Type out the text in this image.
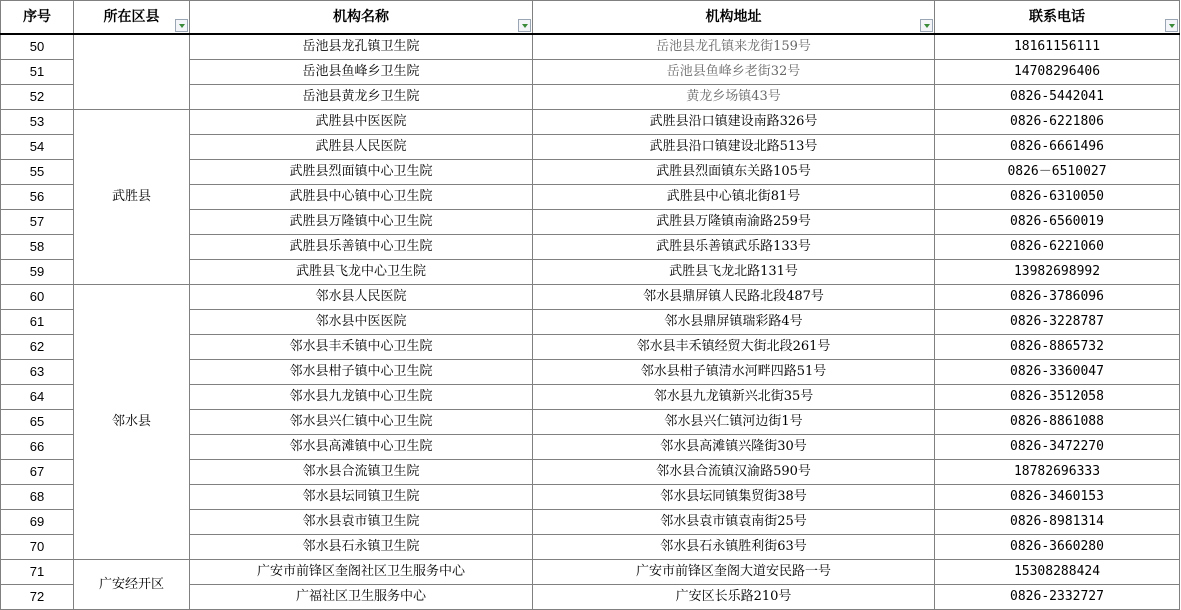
序号	所在区县	机构名称	机构地址	联系电话

50		岳池县龙孔镇卫生院	岳池县龙孔镇来龙街159号	18161156111
51		岳池县鱼峰乡卫生院	岳池县鱼峰乡老街32号	14708296406
52		岳池县黄龙乡卫生院	黄龙乡场镇43号	0826-5442041
53	武胜县	武胜县中医医院	武胜县沿口镇建设南路326号	0826-6221806
54		武胜县人民医院	武胜县沿口镇建设北路513号	0826-6661496
55		武胜县烈面镇中心卫生院	武胜县烈面镇东关路105号	0826－6510027
56		武胜县中心镇中心卫生院	武胜县中心镇北街81号	0826-6310050
57		武胜县万隆镇中心卫生院	武胜县万隆镇南渝路259号	0826-6560019
58		武胜县乐善镇中心卫生院	武胜县乐善镇武乐路133号	0826-6221060
59		武胜县飞龙中心卫生院	武胜县飞龙北路131号	13982698992
60	邻水县	邻水县人民医院	邻水县鼎屏镇人民路北段487号	0826-3786096
61		邻水县中医医院	邻水县鼎屏镇瑞彩路4号	0826-3228787
62		邻水县丰禾镇中心卫生院	邻水县丰禾镇经贸大街北段261号	0826-8865732
63		邻水县柑子镇中心卫生院	邻水县柑子镇清水河畔四路51号	0826-3360047
64		邻水县九龙镇中心卫生院	邻水县九龙镇新兴北街35号	0826-3512058
65		邻水县兴仁镇中心卫生院	邻水县兴仁镇河边街1号	0826-8861088
66		邻水县高滩镇中心卫生院	邻水县高滩镇兴隆街30号	0826-3472270
67		邻水县合流镇卫生院	邻水县合流镇汉渝路590号	18782696333
68		邻水县坛同镇卫生院	邻水县坛同镇集贸街38号	0826-3460153
69		邻水县袁市镇卫生院	邻水县袁市镇袁南街25号	0826-8981314
70		邻水县石永镇卫生院	邻水县石永镇胜利街63号	0826-3660280
71	广安经开区	广安市前锋区奎阁社区卫生服务中心	广安市前锋区奎阁大道安民路一号	15308288424
72		广福社区卫生服务中心	广安区长乐路210号	0826-2332727
